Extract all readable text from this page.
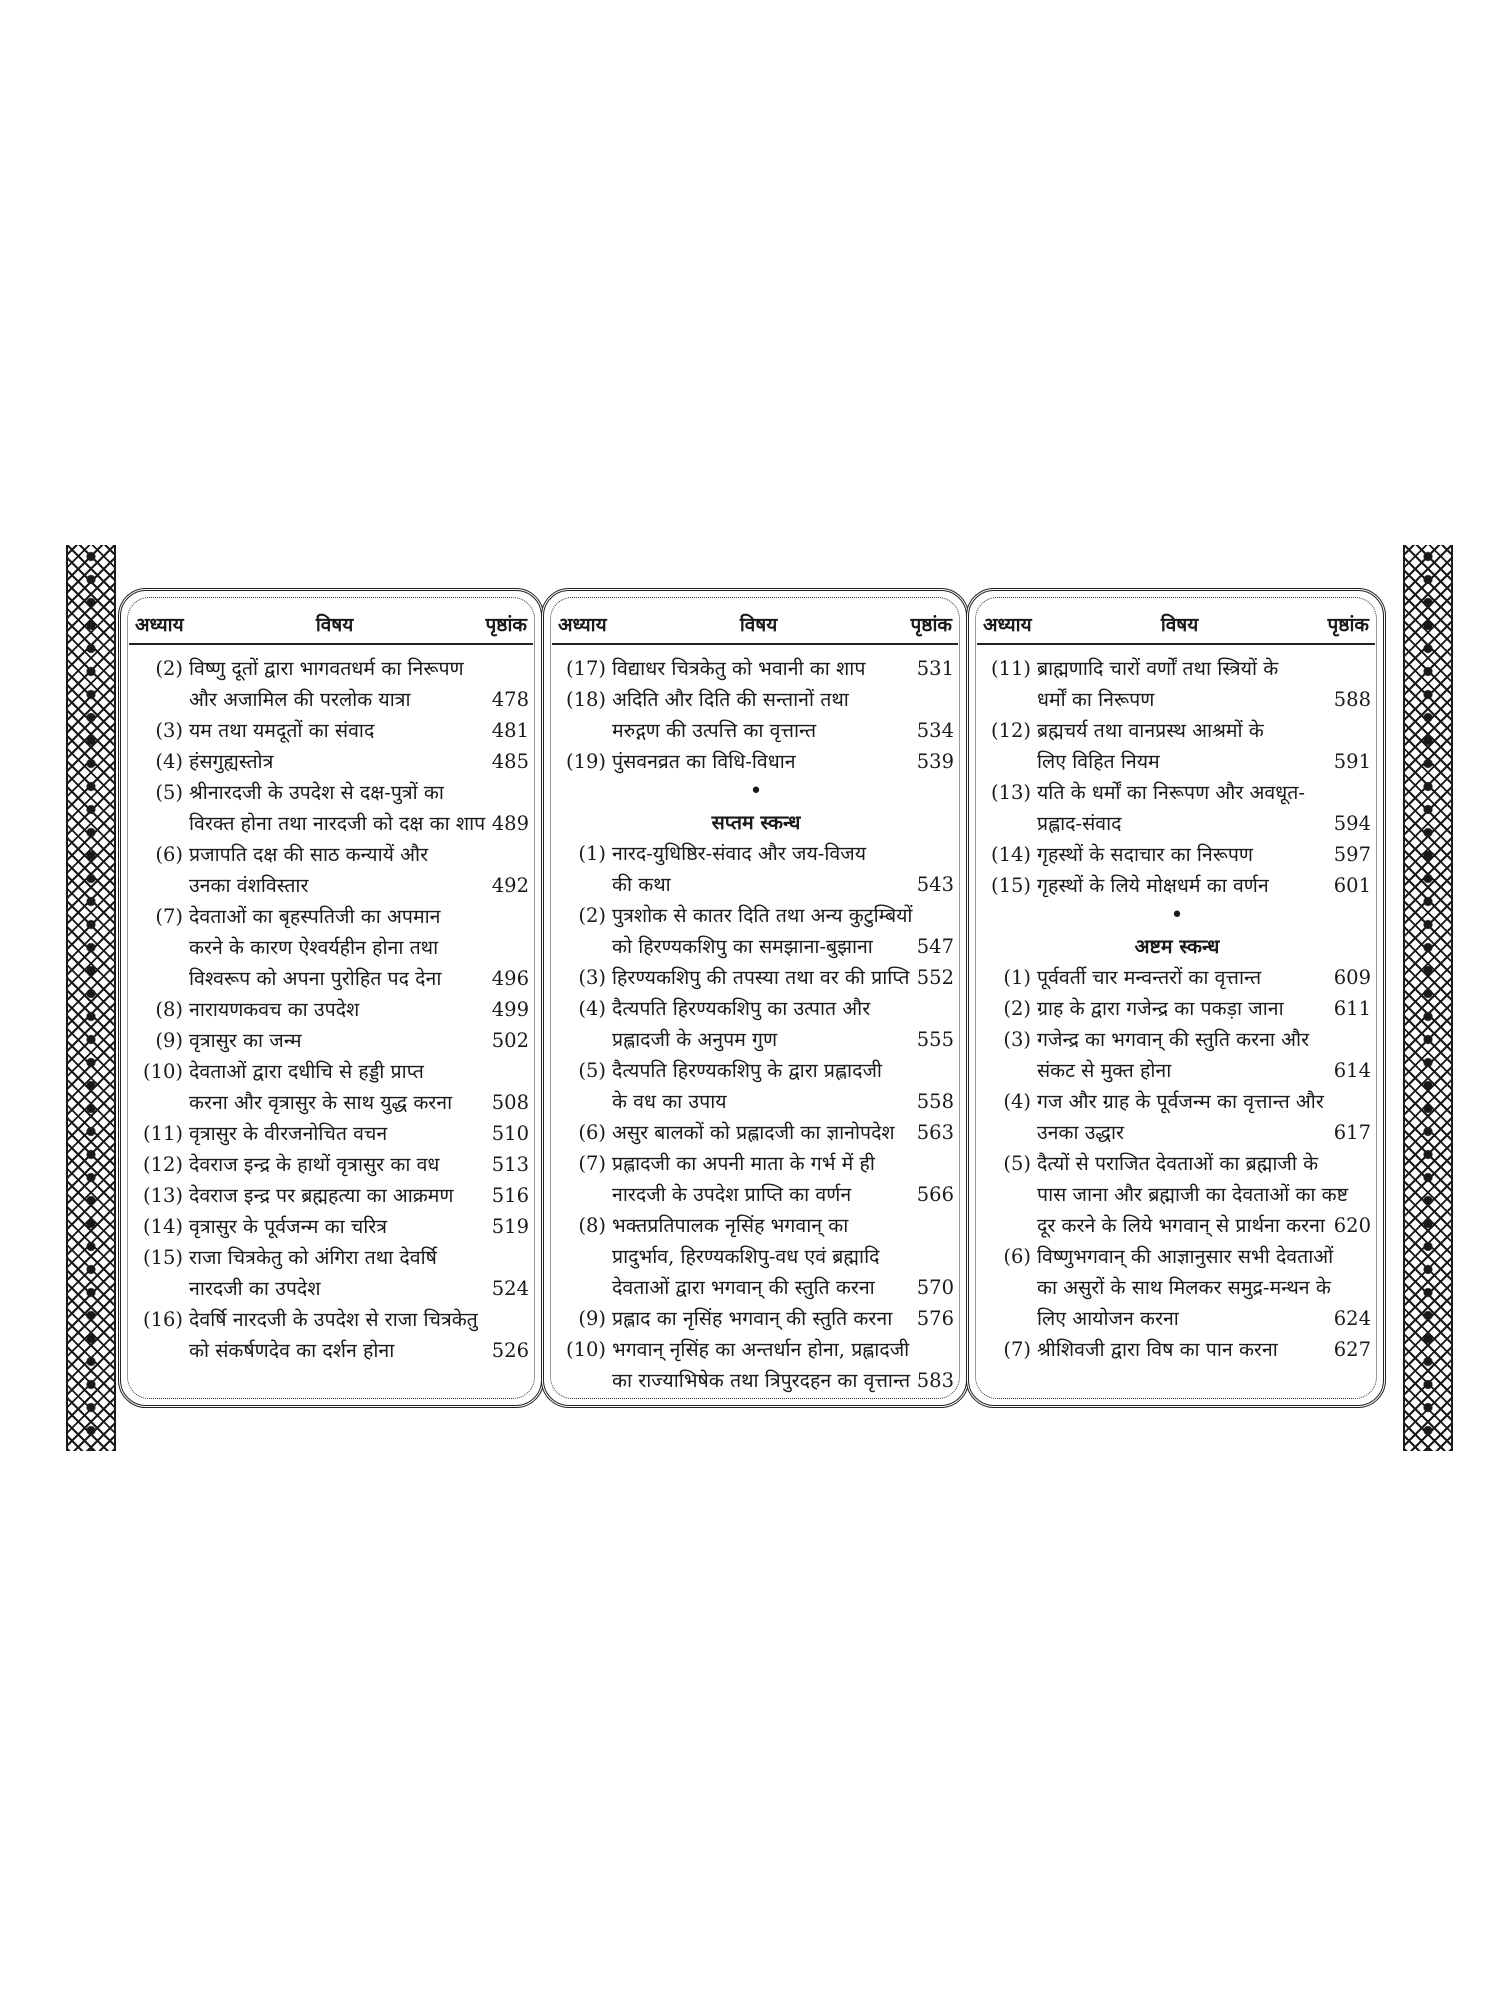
अध्याय	विषय	पृष्ठांक
(2) विष्णु दूतों द्वारा भागवतधर्म का निरूपण
और अजामिल की परलोक यात्रा	478
(3) यम तथा यमदूतों का संवाद	481
(4) हंसगुह्यस्तोत्र	485
(5) श्रीनारदजी के उपदेश से दक्ष-पुत्रों का
विरक्त होना तथा नारदजी को दक्ष का शाप 489
(6) प्रजापति दक्ष की साठ कन्यायें और
उनका वंशविस्तार	492
(7) देवताओं का बृहस्पतिजी का अपमान
करने के कारण ऐश्वर्यहीन होना तथा
विश्वरूप को अपना पुरोहित पद देना	496
(8) नारायणकवच का उपदेश	499
(9) वृत्रासुर का जन्म	502
(10) देवताओं द्वारा दधीचि से हड्डी प्राप्त
करना और वृत्रासुर के साथ युद्ध करना 508
(11) वृत्रासुर के वीरजनोचित वचन	510
(12) देवराज इन्द्र के हाथों वृत्रासुर का वध	513
(13) देवराज इन्द्र पर ब्रह्महत्या का आक्रमण 516
(14) वृत्रासुर के पूर्वजन्म का चरित्र	519
(15) राजा चित्रकेतु को अंगिरा तथा देवर्षि
नारदजी का उपदेश	524
(16) देवर्षि नारदजी के उपदेश से राजा चित्रकेतु
को संकर्षणदेव का दर्शन होना	526
अध्याय	विषय	पृष्ठांक
(17) विद्याधर चित्रकेतु को भवानी का शाप	531
(18) अदिति और दिति की सन्तानों तथा
मरुद्गण की उत्पत्ति का वृत्तान्त	534
(19) पुंसवनव्रत का विधि-विधान	539
•
सप्तम स्कन्ध
(1) नारद-युधिष्ठिर-संवाद और जय-विजय
की कथा	543
(2) पुत्रशोक से कातर दिति तथा अन्य कुटुम्बियों
को हिरण्यकशिपु का समझाना-बुझाना 547
(3) हिरण्यकशिपु की तपस्या तथा वर की प्राप्ति 552
(4) दैत्यपति हिरण्यकशिपु का उत्पात और
प्रह्लादजी के अनुपम गुण	555
(5) दैत्यपति हिरण्यकशिपु के द्वारा प्रह्लादजी
के वध का उपाय	558
(6) असुर बालकों को प्रह्लादजी का ज्ञानोपदेश 563
(7) प्रह्लादजी का अपनी माता के गर्भ में ही
नारदजी के उपदेश प्राप्ति का वर्णन	566
(8) भक्तप्रतिपालक नृसिंह भगवान् का
प्रादुर्भाव, हिरण्यकशिपु-वध एवं ब्रह्मादि
देवताओं द्वारा भगवान् की स्तुति करना 570
(9) प्रह्लाद का नृसिंह भगवान् की स्तुति करना 576
(10) भगवान् नृसिंह का अन्तर्धान होना, प्रह्लादजी
का राज्याभिषेक तथा त्रिपुरदहन का वृत्तान्त 583
अध्याय	विषय	पृष्ठांक
(11) ब्राह्मणादि चारों वर्णों तथा स्त्रियों के
धर्मों का निरूपण	588
(12) ब्रह्मचर्य तथा वानप्रस्थ आश्रमों के
लिए विहित नियम	591
(13) यति के धर्मों का निरूपण और अवधूत-
प्रह्लाद-संवाद	594
(14) गृहस्थों के सदाचार का निरूपण	597
(15) गृहस्थों के लिये मोक्षधर्म का वर्णन	601
•
अष्टम स्कन्ध
(1) पूर्ववर्ती चार मन्वन्तरों का वृत्तान्त	609
(2) ग्राह के द्वारा गजेन्द्र का पकड़ा जाना	611
(3) गजेन्द्र का भगवान् की स्तुति करना और
संकट से मुक्त होना	614
(4) गज और ग्राह के पूर्वजन्म का वृत्तान्त और
उनका उद्धार	617
(5) दैत्यों से पराजित देवताओं का ब्रह्माजी के
पास जाना और ब्रह्माजी का देवताओं का कष्ट
दूर करने के लिये भगवान् से प्रार्थना करना 620
(6) विष्णुभगवान् की आज्ञानुसार सभी देवताओं
का असुरों के साथ मिलकर समुद्र-मन्थन के
लिए आयोजन करना	624
(7) श्रीशिवजी द्वारा विष का पान करना	627
